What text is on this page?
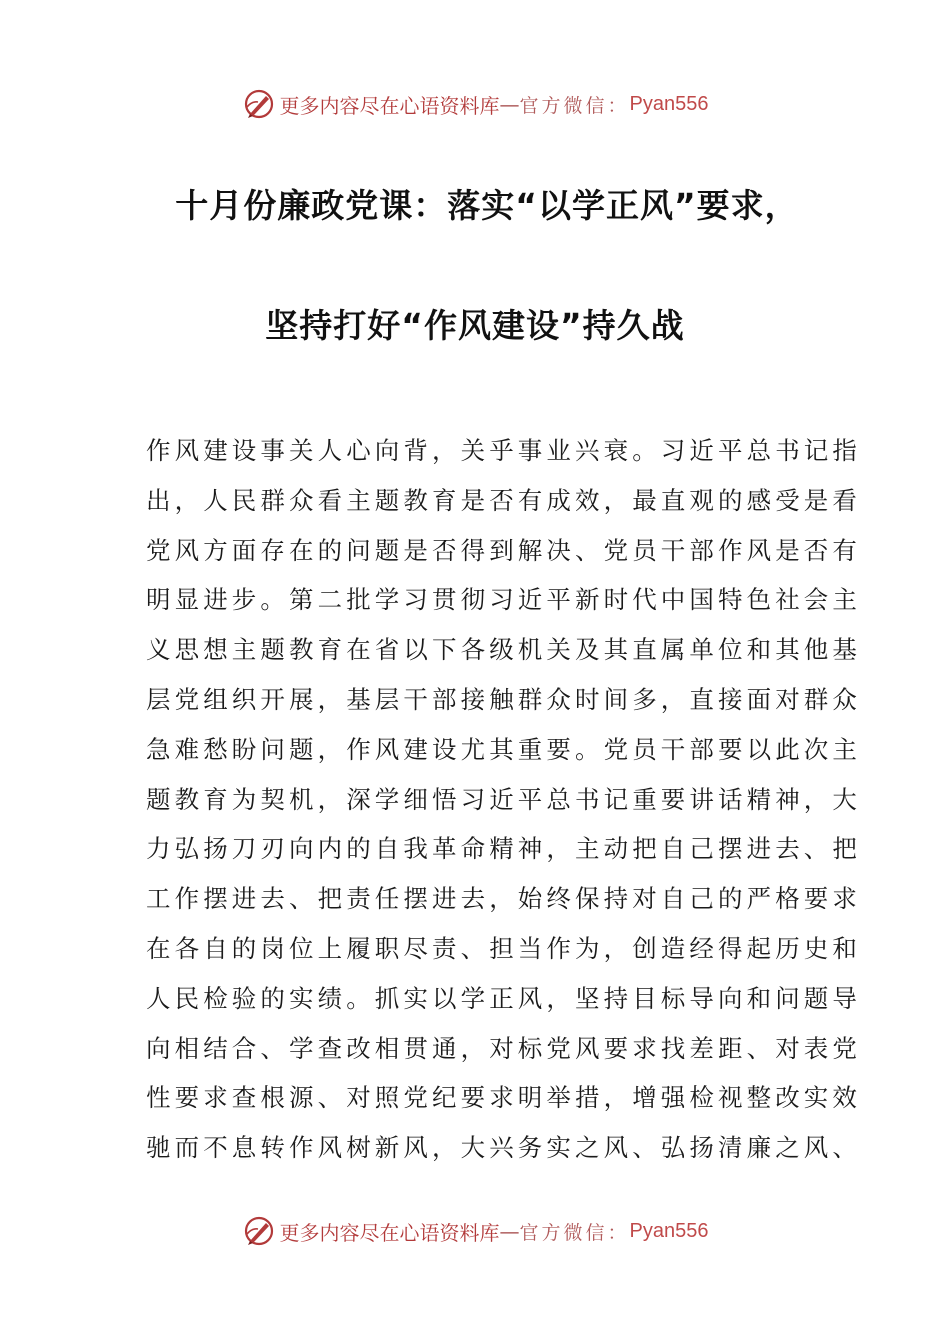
更多内容尽在心语资料库 — 官方微信： Pyan556
十月份廉政党课：落实“以学正风”要求，
坚持打好“作风建设”持久战
作风建设事关人心向背，关乎事业兴衰。习近平总书记指
出，人民群众看主题教育是否有成效，最直观的感受是看
党风方面存在的问题是否得到解决、党员干部作风是否有
明显进步。第二批学习贯彻习近平新时代中国特色社会主
义思想主题教育在省以下各级机关及其直属单位和其他基
层党组织开展，基层干部接触群众时间多，直接面对群众
急难愁盼问题，作风建设尤其重要。党员干部要以此次主
题教育为契机，深学细悟习近平总书记重要讲话精神，大
力弘扬刀刃向内的自我革命精神，主动把自己摆进去、把
工作摆进去、把责任摆进去，始终保持对自己的严格要求
在各自的岗位上履职尽责、担当作为，创造经得起历史和
人民检验的实绩。抓实以学正风，坚持目标导向和问题导
向相结合、学查改相贯通，对标党风要求找差距、对表党
性要求查根源、对照党纪要求明举措，增强检视整改实效
驰而不息转作风树新风，大兴务实之风、弘扬清廉之风、
更多内容尽在心语资料库 — 官方微信： Pyan556
